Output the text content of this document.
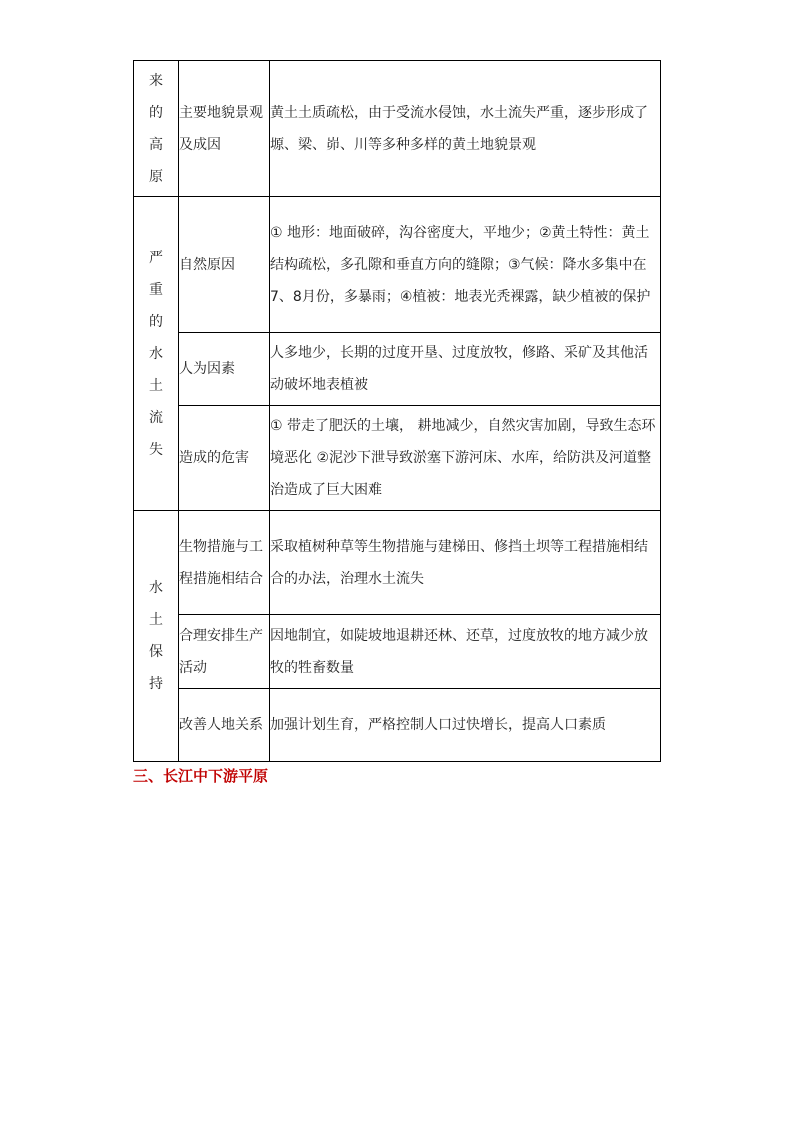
来的高原	主要地貌景观及成因	黄土土质疏松，由于受流水侵蚀，水土流失严重，逐步形成了塬、梁、峁、川等多种多样的黄土地貌景观

严重的水土流失	自然原因	① 地形：地面破碎，沟谷密度大，平地少；②黄土特性：黄土结构疏松，多孔隙和垂直方向的缝隙；③气候：降水多集中在7、8月份，多暴雨；④植被：地表光秃裸露，缺少植被的保护
	人为因素	人多地少，长期的过度开垦、过度放牧，修路、采矿及其他活动破坏地表植被
	造成的危害	① 带走了肥沃的土壤， 耕地减少，自然灾害加剧，导致生态环境恶化 ②泥沙下泄导致淤塞下游河床、水库，给防洪及河道整治造成了巨大困难

水土保持	生物措施与工程措施相结合	采取植树种草等生物措施与建梯田、修挡土坝等工程措施相结合的办法，治理水土流失
	合理安排生产活动	因地制宜，如陡坡地退耕还林、还草，过度放牧的地方减少放牧的牲畜数量
	改善人地关系	加强计划生育，严格控制人口过快增长，提高人口素质

三、长江中下游平原
